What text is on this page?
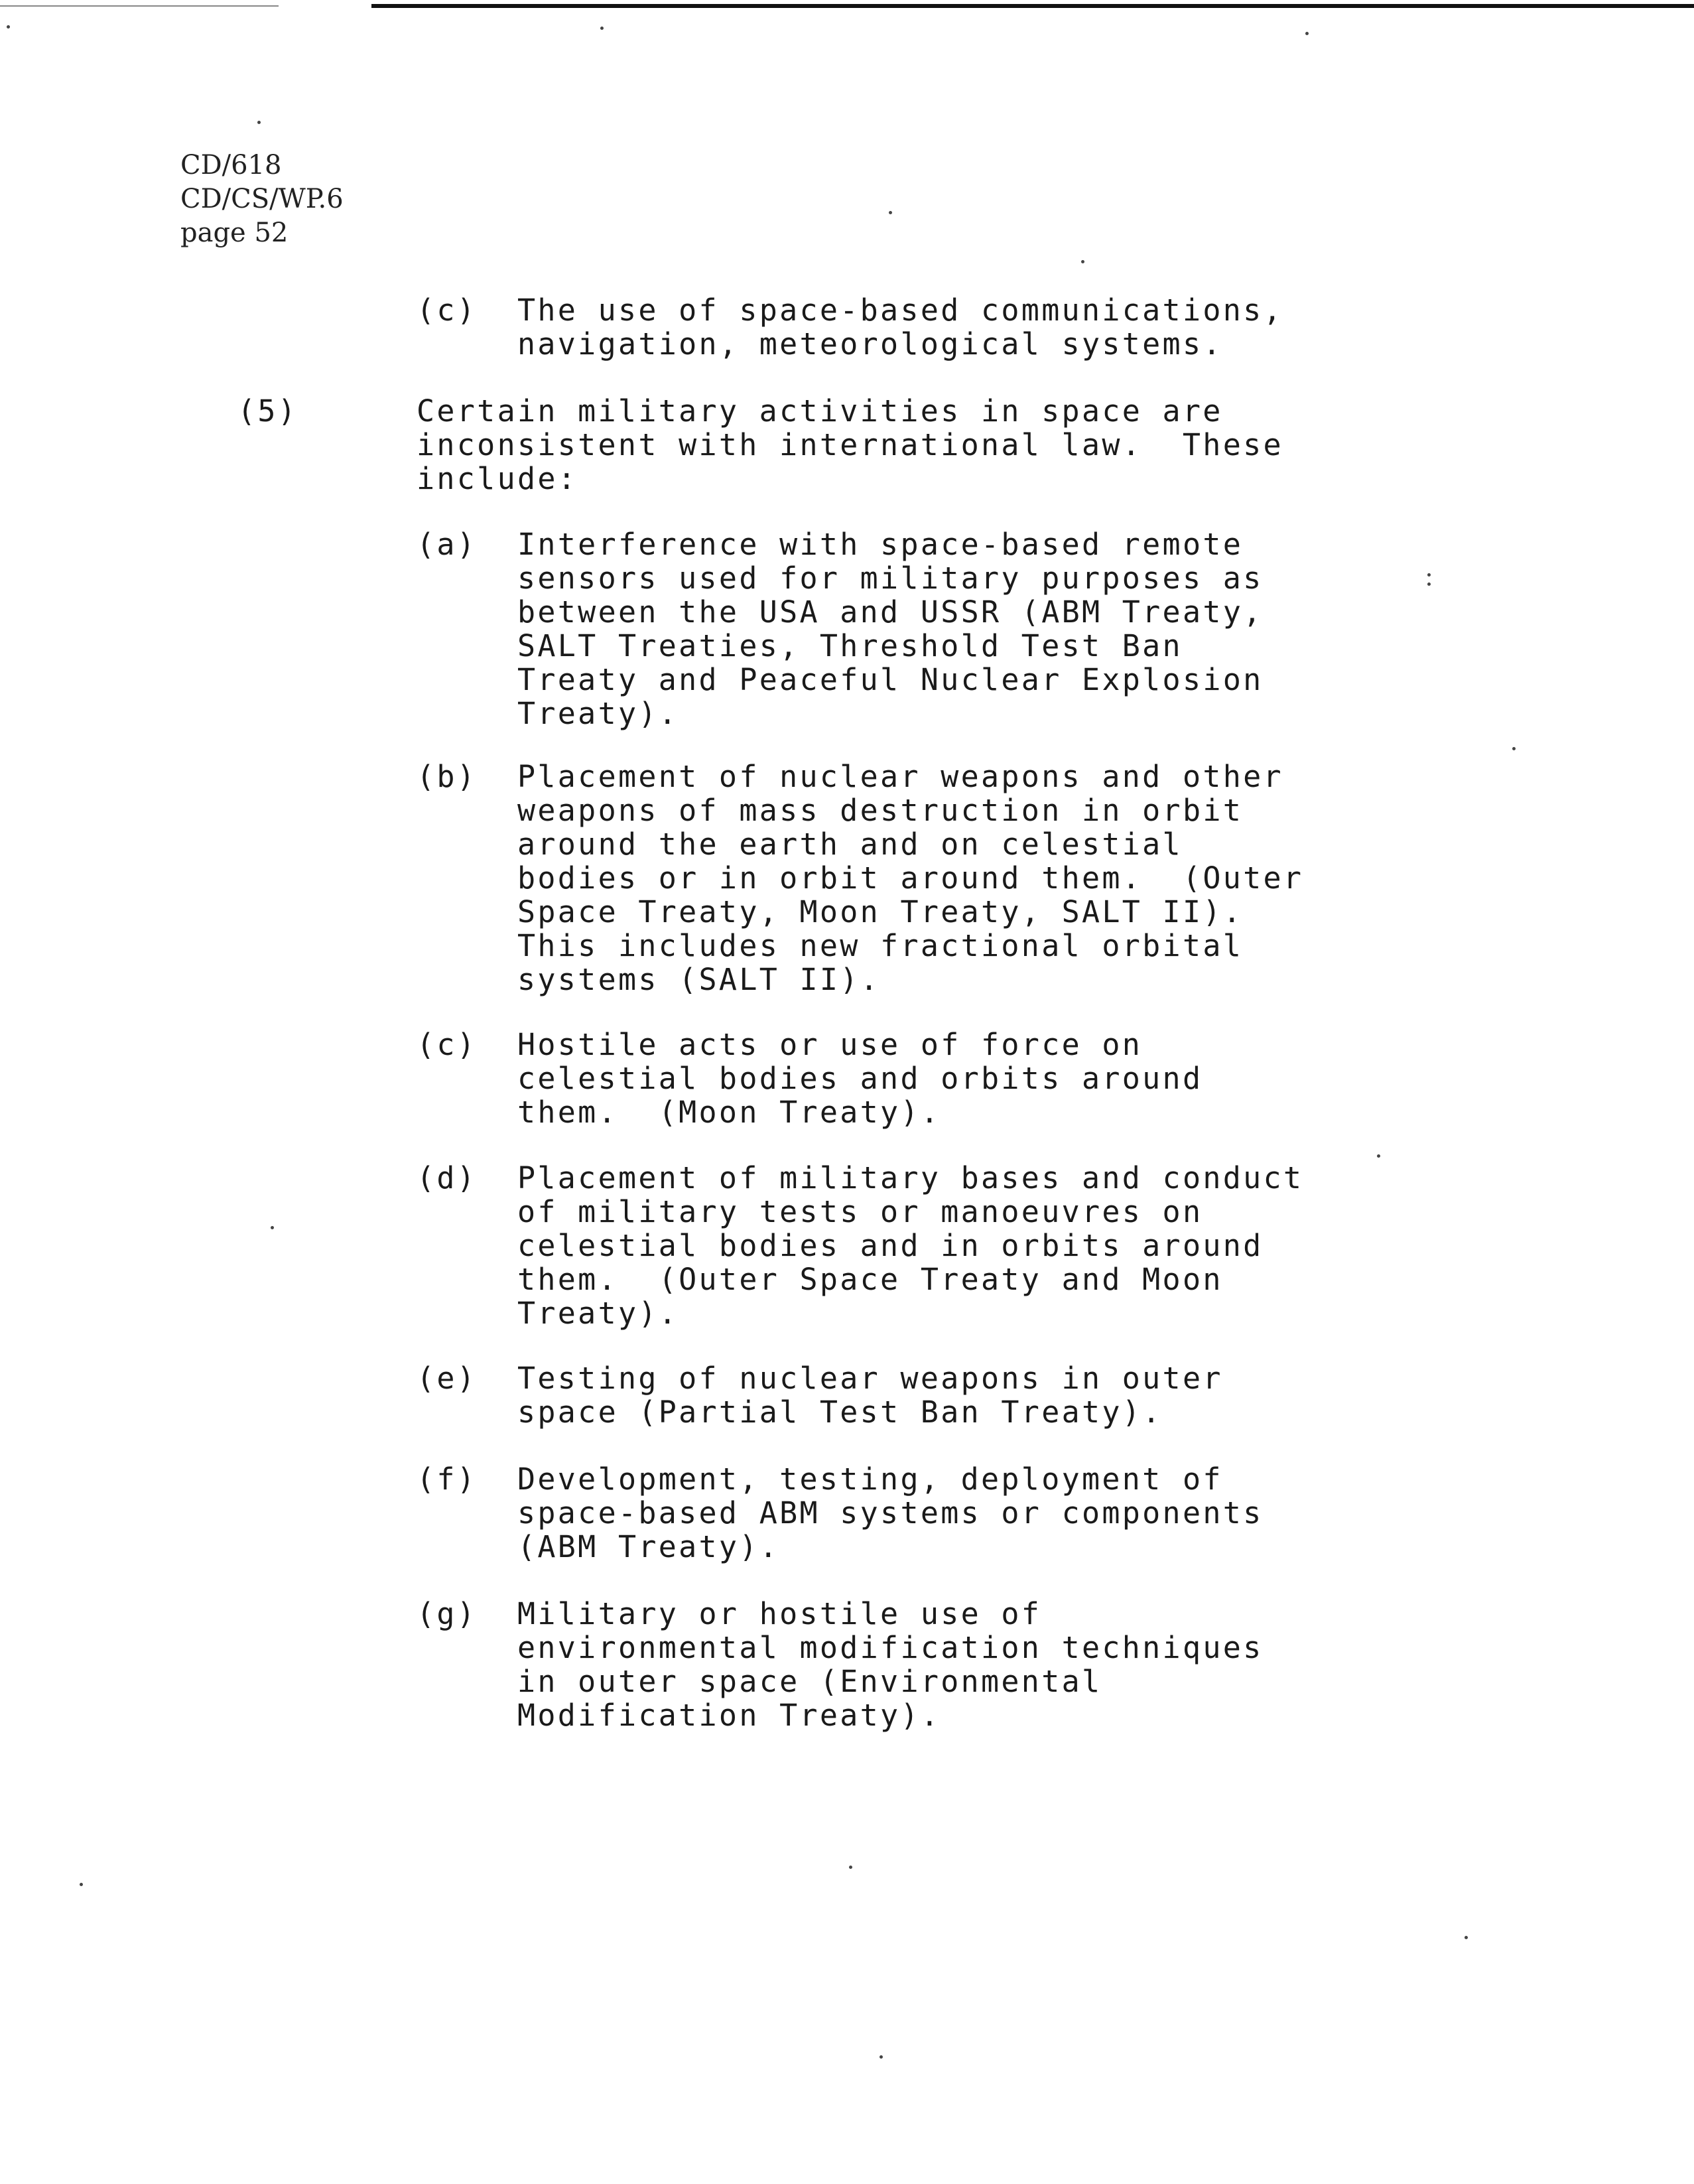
CD/618
CD/CS/WP.6
page 52
(c) The use of space-based communications,
navigation, meteorological systems.
(5)	Certain military activities in space are
inconsistent with international law.  These
include:
(a) Interference with space-based remote
sensors used for military purposes as
between the USA and USSR (ABM Treaty,
SALT Treaties, Threshold Test Ban
Treaty and Peaceful Nuclear Explosion
Treaty).
(b) Placement of nuclear weapons and other
weapons of mass destruction in orbit
around the earth and on celestial
bodies or in orbit around them.  (Outer
Space Treaty, Moon Treaty, SALT II).
This includes new fractional orbital
systems (SALT II).
(c) Hostile acts or use of force on
celestial bodies and orbits around
them.  (Moon Treaty).
(d) Placement of military bases and conduct
of military tests or manoeuvres on
celestial bodies and in orbits around
them.  (Outer Space Treaty and Moon
Treaty).
(e) Testing of nuclear weapons in outer
space (Partial Test Ban Treaty).
(f) Development, testing, deployment of
space-based ABM systems or components
(ABM Treaty).
(g) Military or hostile use of
environmental modification techniques
in outer space (Environmental
Modification Treaty).
